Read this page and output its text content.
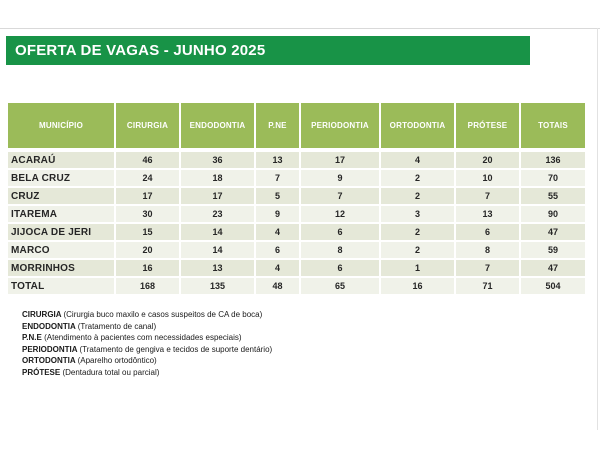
OFERTA DE VAGAS - JUNHO 2025
MUNICÍPIO	CIRURGIA	ENDODONTIA	P.NE	PERIODONTIA	ORTODONTIA	PRÓTESE	TOTAIS
ACARAÚ	46	36	13	17	4	20	136
BELA CRUZ	24	18	7	9	2	10	70
CRUZ	17	17	5	7	2	7	55
ITAREMA	30	23	9	12	3	13	90
JIJOCA DE JERI	15	14	4	6	2	6	47
MARCO	20	14	6	8	2	8	59
MORRINHOS	16	13	4	6	1	7	47
TOTAL	168	135	48	65	16	71	504
CIRURGIA (Cirurgia buco maxilo e casos suspeitos de CA de boca)
ENDODONTIA (Tratamento de canal)
P.N.E (Atendimento à pacientes com necessidades especiais)
PERIODONTIA (Tratamento de gengiva e tecidos de suporte dentário)
ORTODONTIA (Aparelho ortodôntico)
PRÓTESE (Dentadura total ou parcial)
